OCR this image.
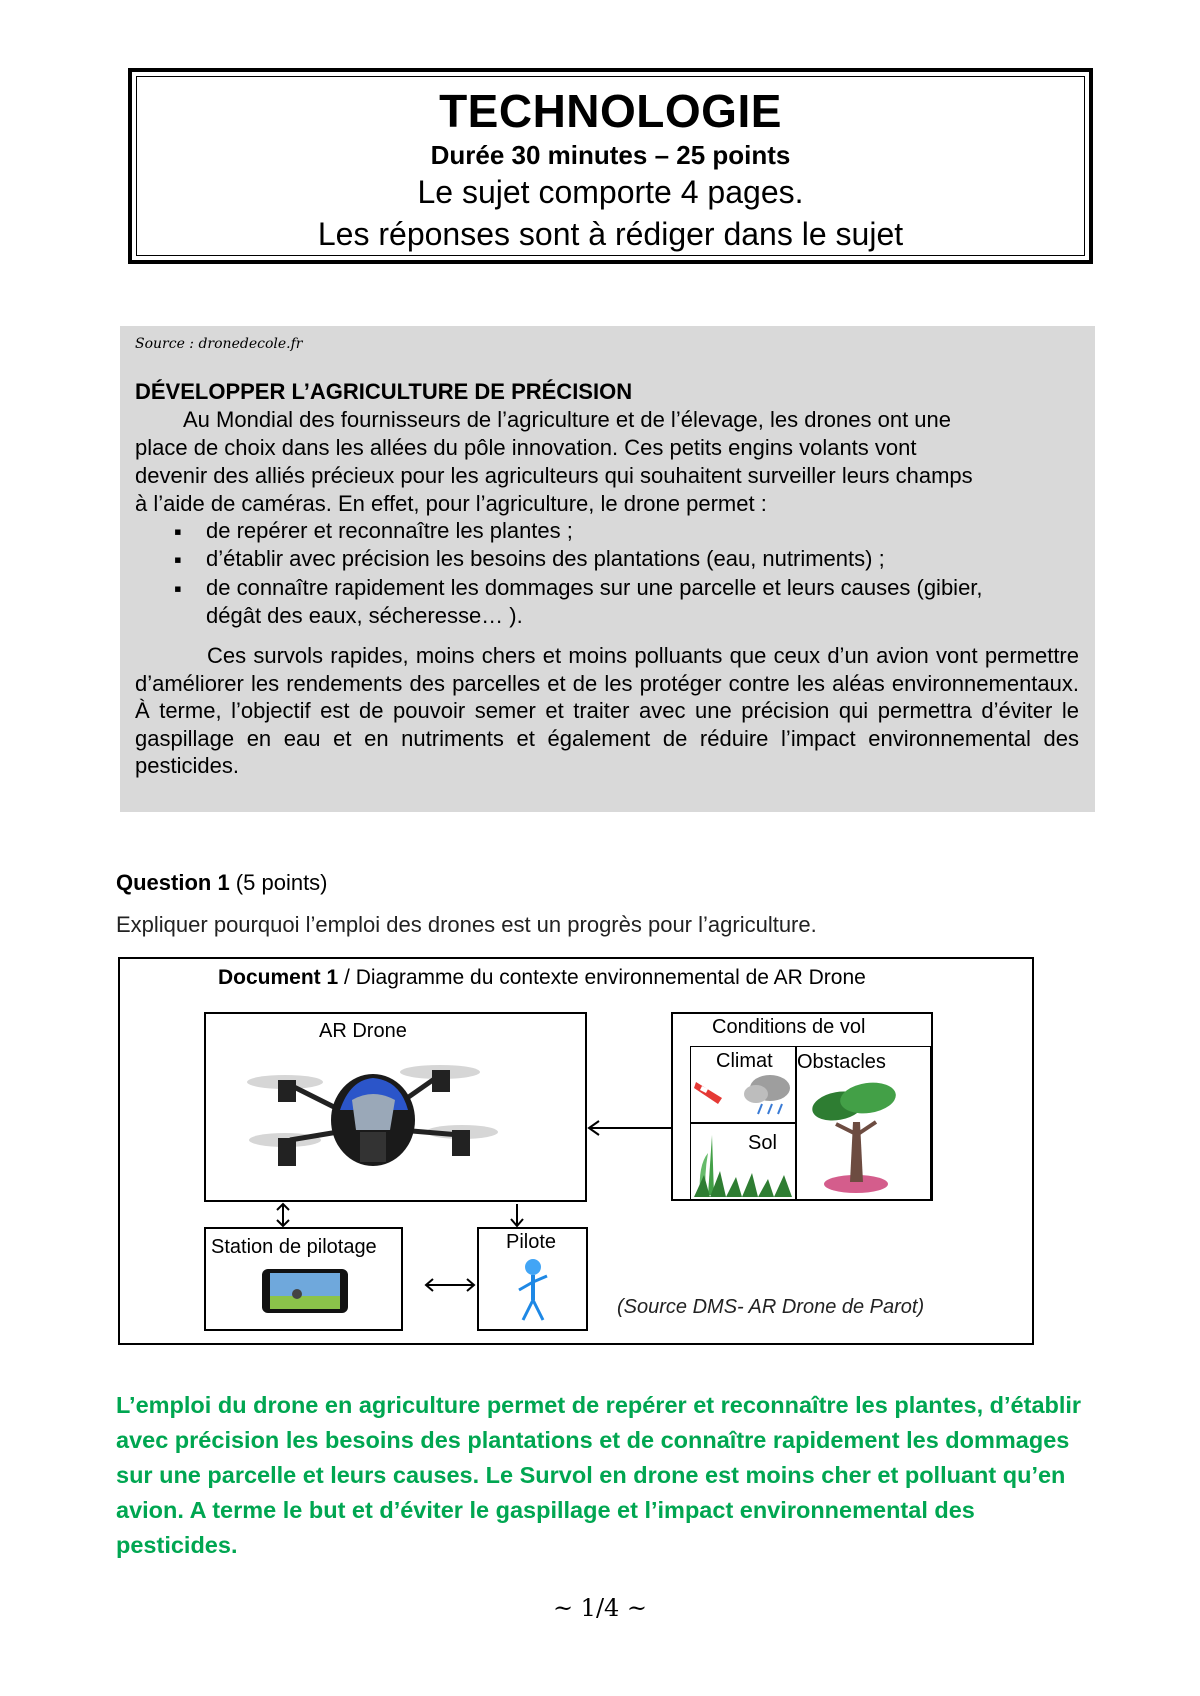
TECHNOLOGIE
Durée 30 minutes – 25 points
Le sujet comporte 4 pages.
Les réponses sont à rédiger dans le sujet
Source : dronedecole.fr
DÉVELOPPER L’AGRICULTURE DE PRÉCISION
Au Mondial des fournisseurs de l’agriculture et de l’élevage, les drones ont une
place de choix dans les allées du pôle innovation. Ces petits engins volants vont
devenir des alliés précieux pour les agriculteurs qui souhaitent surveiller leurs champs
à l’aide de caméras. En effet, pour l’agriculture, le drone permet :
▪ de repérer et reconnaître les plantes ;
▪ d’établir avec précision les besoins des plantations (eau, nutriments) ;
▪ de connaître rapidement les dommages sur une parcelle et leurs causes (gibier,
dégât des eaux, sécheresse… ).
Ces survols rapides, moins chers et moins polluants que ceux d’un avion vont permettre d’améliorer les rendements des parcelles et de les protéger contre les aléas environnementaux. À terme, l’objectif est de pouvoir semer et traiter avec une précision qui permettra d’éviter le gaspillage en eau et en nutriments et également de réduire l’impact environnemental des pesticides.
Question 1 (5 points)
Expliquer pourquoi l’emploi des drones est un progrès pour l’agriculture.
Document 1 / Diagramme du contexte environnemental de AR Drone
AR Drone	Conditions de vol
Climat
Sol
Obstacles
Station de pilotage	Pilote
(Source DMS- AR Drone de Parot)
L’emploi du drone en agriculture permet de repérer et reconnaître les plantes, d’établir avec précision les besoins des plantations et de connaître rapidement les dommages sur une parcelle et leurs causes. Le Survol en drone est moins cher et polluant qu’en avion. A terme le but et d’éviter le gaspillage et l’impact environnemental des pesticides.
~ 1/4 ~
